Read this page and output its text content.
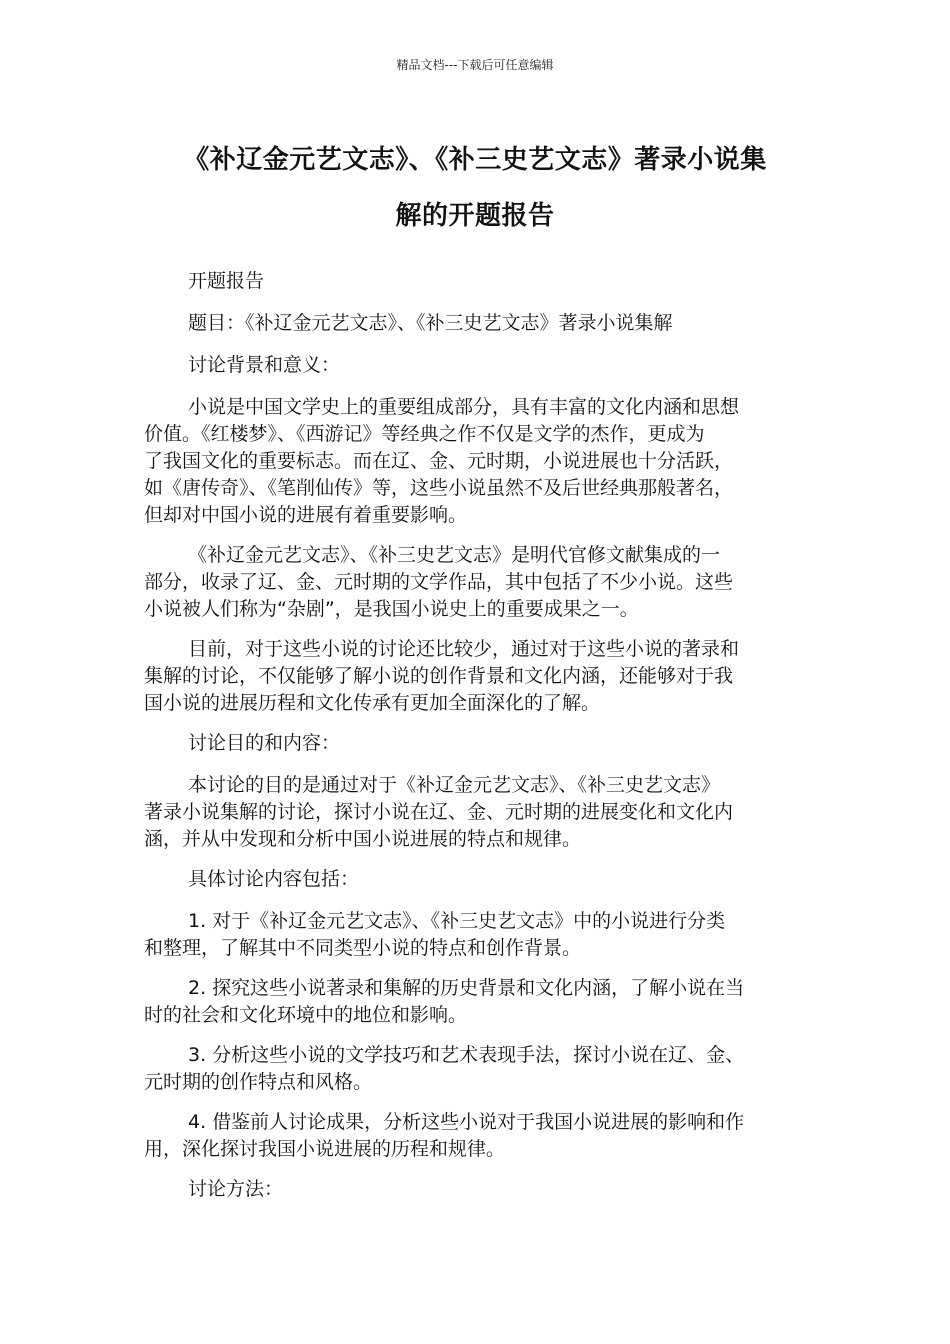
精品文档---下载后可任意编辑
《补辽金元艺文志》、《补三史艺文志》著录小说集
解的开题报告

开题报告

题目：《补辽金元艺文志》、《补三史艺文志》著录小说集解

讨论背景和意义：

小说是中国文学史上的重要组成部分，具有丰富的文化内涵和思想
价值。《红楼梦》、《西游记》等经典之作不仅是文学的杰作，更成为
了我国文化的重要标志。而在辽、金、元时期，小说进展也十分活跃，
如《唐传奇》、《笔削仙传》等，这些小说虽然不及后世经典那般著名，
但却对中国小说的进展有着重要影响。

《补辽金元艺文志》、《补三史艺文志》是明代官修文献集成的一
部分，收录了辽、金、元时期的文学作品，其中包括了不少小说。这些
小说被人们称为“杂剧”，是我国小说史上的重要成果之一。

目前，对于这些小说的讨论还比较少，通过对于这些小说的著录和
集解的讨论，不仅能够了解小说的创作背景和文化内涵，还能够对于我
国小说的进展历程和文化传承有更加全面深化的了解。

讨论目的和内容：

本讨论的目的是通过对于《补辽金元艺文志》、《补三史艺文志》
著录小说集解的讨论，探讨小说在辽、金、元时期的进展变化和文化内
涵，并从中发现和分析中国小说进展的特点和规律。

具体讨论内容包括：

1. 对于《补辽金元艺文志》、《补三史艺文志》中的小说进行分类
和整理，了解其中不同类型小说的特点和创作背景。

2. 探究这些小说著录和集解的历史背景和文化内涵，了解小说在当
时的社会和文化环境中的地位和影响。

3. 分析这些小说的文学技巧和艺术表现手法，探讨小说在辽、金、
元时期的创作特点和风格。

4. 借鉴前人讨论成果，分析这些小说对于我国小说进展的影响和作
用，深化探讨我国小说进展的历程和规律。

讨论方法：
